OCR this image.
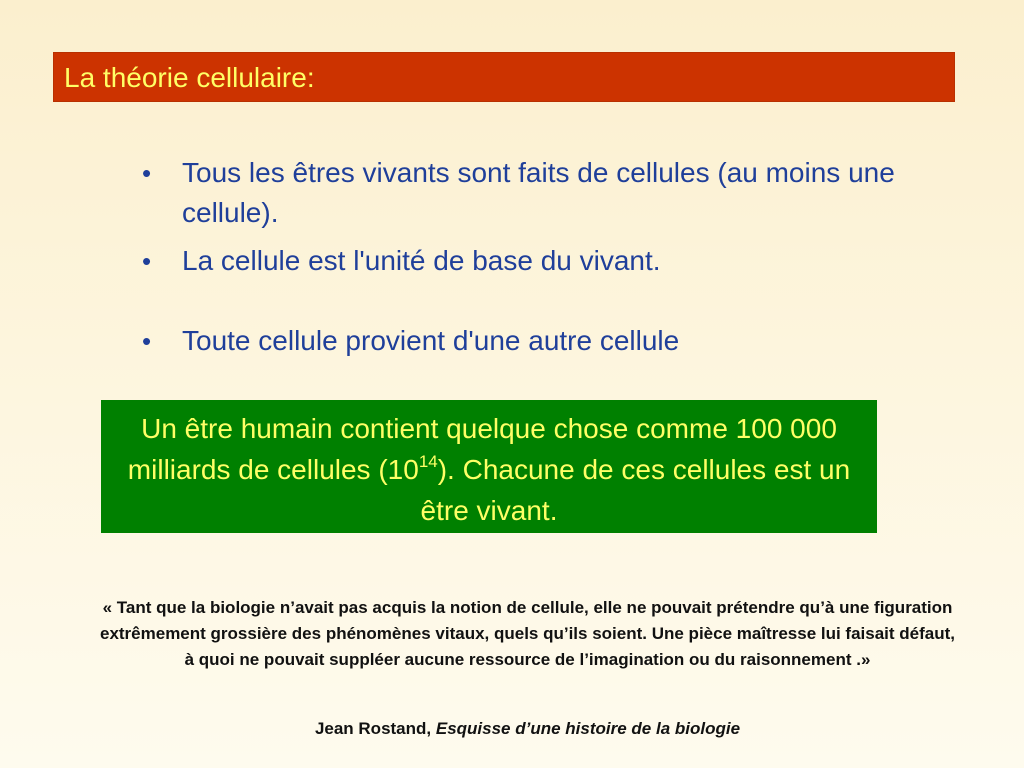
La théorie cellulaire:
• Tous les êtres vivants sont faits de cellules (au moins une cellule).
• La cellule est l'unité de base du vivant.
• Toute cellule provient d'une autre cellule
Un être humain contient quelque chose comme 100 000 milliards de cellules $(10^{14})$. Chacune de ces cellules est un être vivant.
« Tant que la biologie n’avait pas acquis la notion de cellule, elle ne pouvait prétendre qu’à une figuration extrêmement grossière des phénomènes vitaux, quels qu’ils soient. Une pièce maîtresse lui faisait défaut, à quoi ne pouvait suppléer aucune ressource de l’imagination ou du raisonnement .»
Jean Rostand, Esquisse d’une histoire de la biologie
